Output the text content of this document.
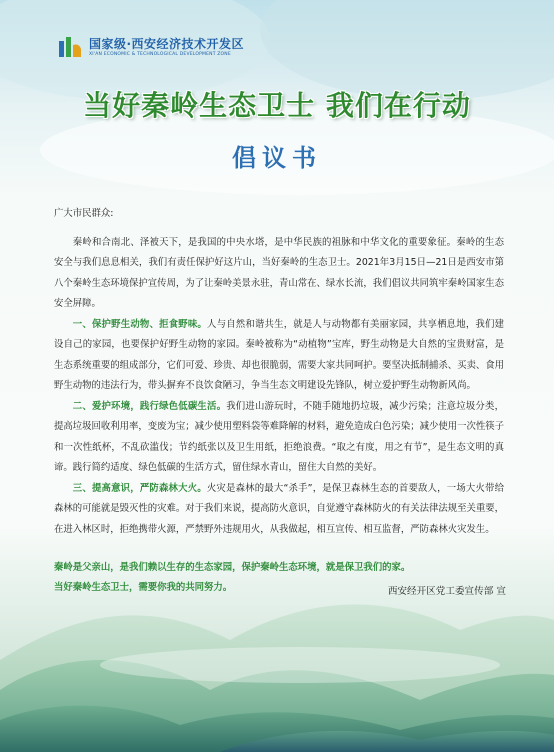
国家级·西安经济技术开发区
XI'AN ECONOMIC & TECHNOLOGICAL DEVELOPMENT ZONE
当好秦岭生态卫士 我们在行动
倡议书

广大市民群众:

秦岭和合南北、泽被天下，是我国的中央水塔，是中华民族的祖脉和中华文化的重要象征。秦岭的生态安全与我们息息相关，我们有责任保护好这片山，当好秦岭的生态卫士。2021年3月15日—21日是西安市第八个秦岭生态环境保护宣传周，为了让秦岭美景永驻，青山常在、绿水长流，我们倡议共同筑牢秦岭国家生态安全屏障。

一、保护野生动物、拒食野味。人与自然和谐共生，就是人与动物都有美丽家园，共享栖息地，我们建设自己的家园，也要保护好野生动物的家园。秦岭被称为“动植物”宝库，野生动物是大自然的宝贵财富，是生态系统重要的组成部分，它们可爱、珍贵、却也很脆弱，需要大家共同呵护。要坚决抵制捕杀、买卖、食用野生动物的违法行为，带头摒弃不良饮食陋习，争当生态文明建设先锋队，树立爱护野生动物新风尚。

二、爱护环境，践行绿色低碳生活。我们进山游玩时，不随手随地扔垃圾，减少污染；注意垃圾分类，提高垃圾回收利用率，变废为宝；减少使用塑料袋等难降解的材料，避免造成白色污染；减少使用一次性筷子和一次性纸杯，不乱砍滥伐；节约纸张以及卫生用纸，拒绝浪费。“取之有度，用之有节”，是生态文明的真谛。践行简约适度、绿色低碳的生活方式，留住绿水青山，留住大自然的美好。

三、提高意识，严防森林大火。火灾是森林的最大“杀手”，是保卫森林生态的首要敌人，一场大火带给森林的可能就是毁灭性的灾难。对于我们来说，提高防火意识，自觉遵守森林防火的有关法律法规至关重要，在进入林区时，拒绝携带火源，严禁野外违规用火，从我做起，相互宣传、相互监督，严防森林火灾发生。

秦岭是父亲山，是我们赖以生存的生态家园，保护秦岭生态环境，就是保卫我们的家。
当好秦岭生态卫士，需要你我的共同努力。	西安经开区党工委宣传部 宣
